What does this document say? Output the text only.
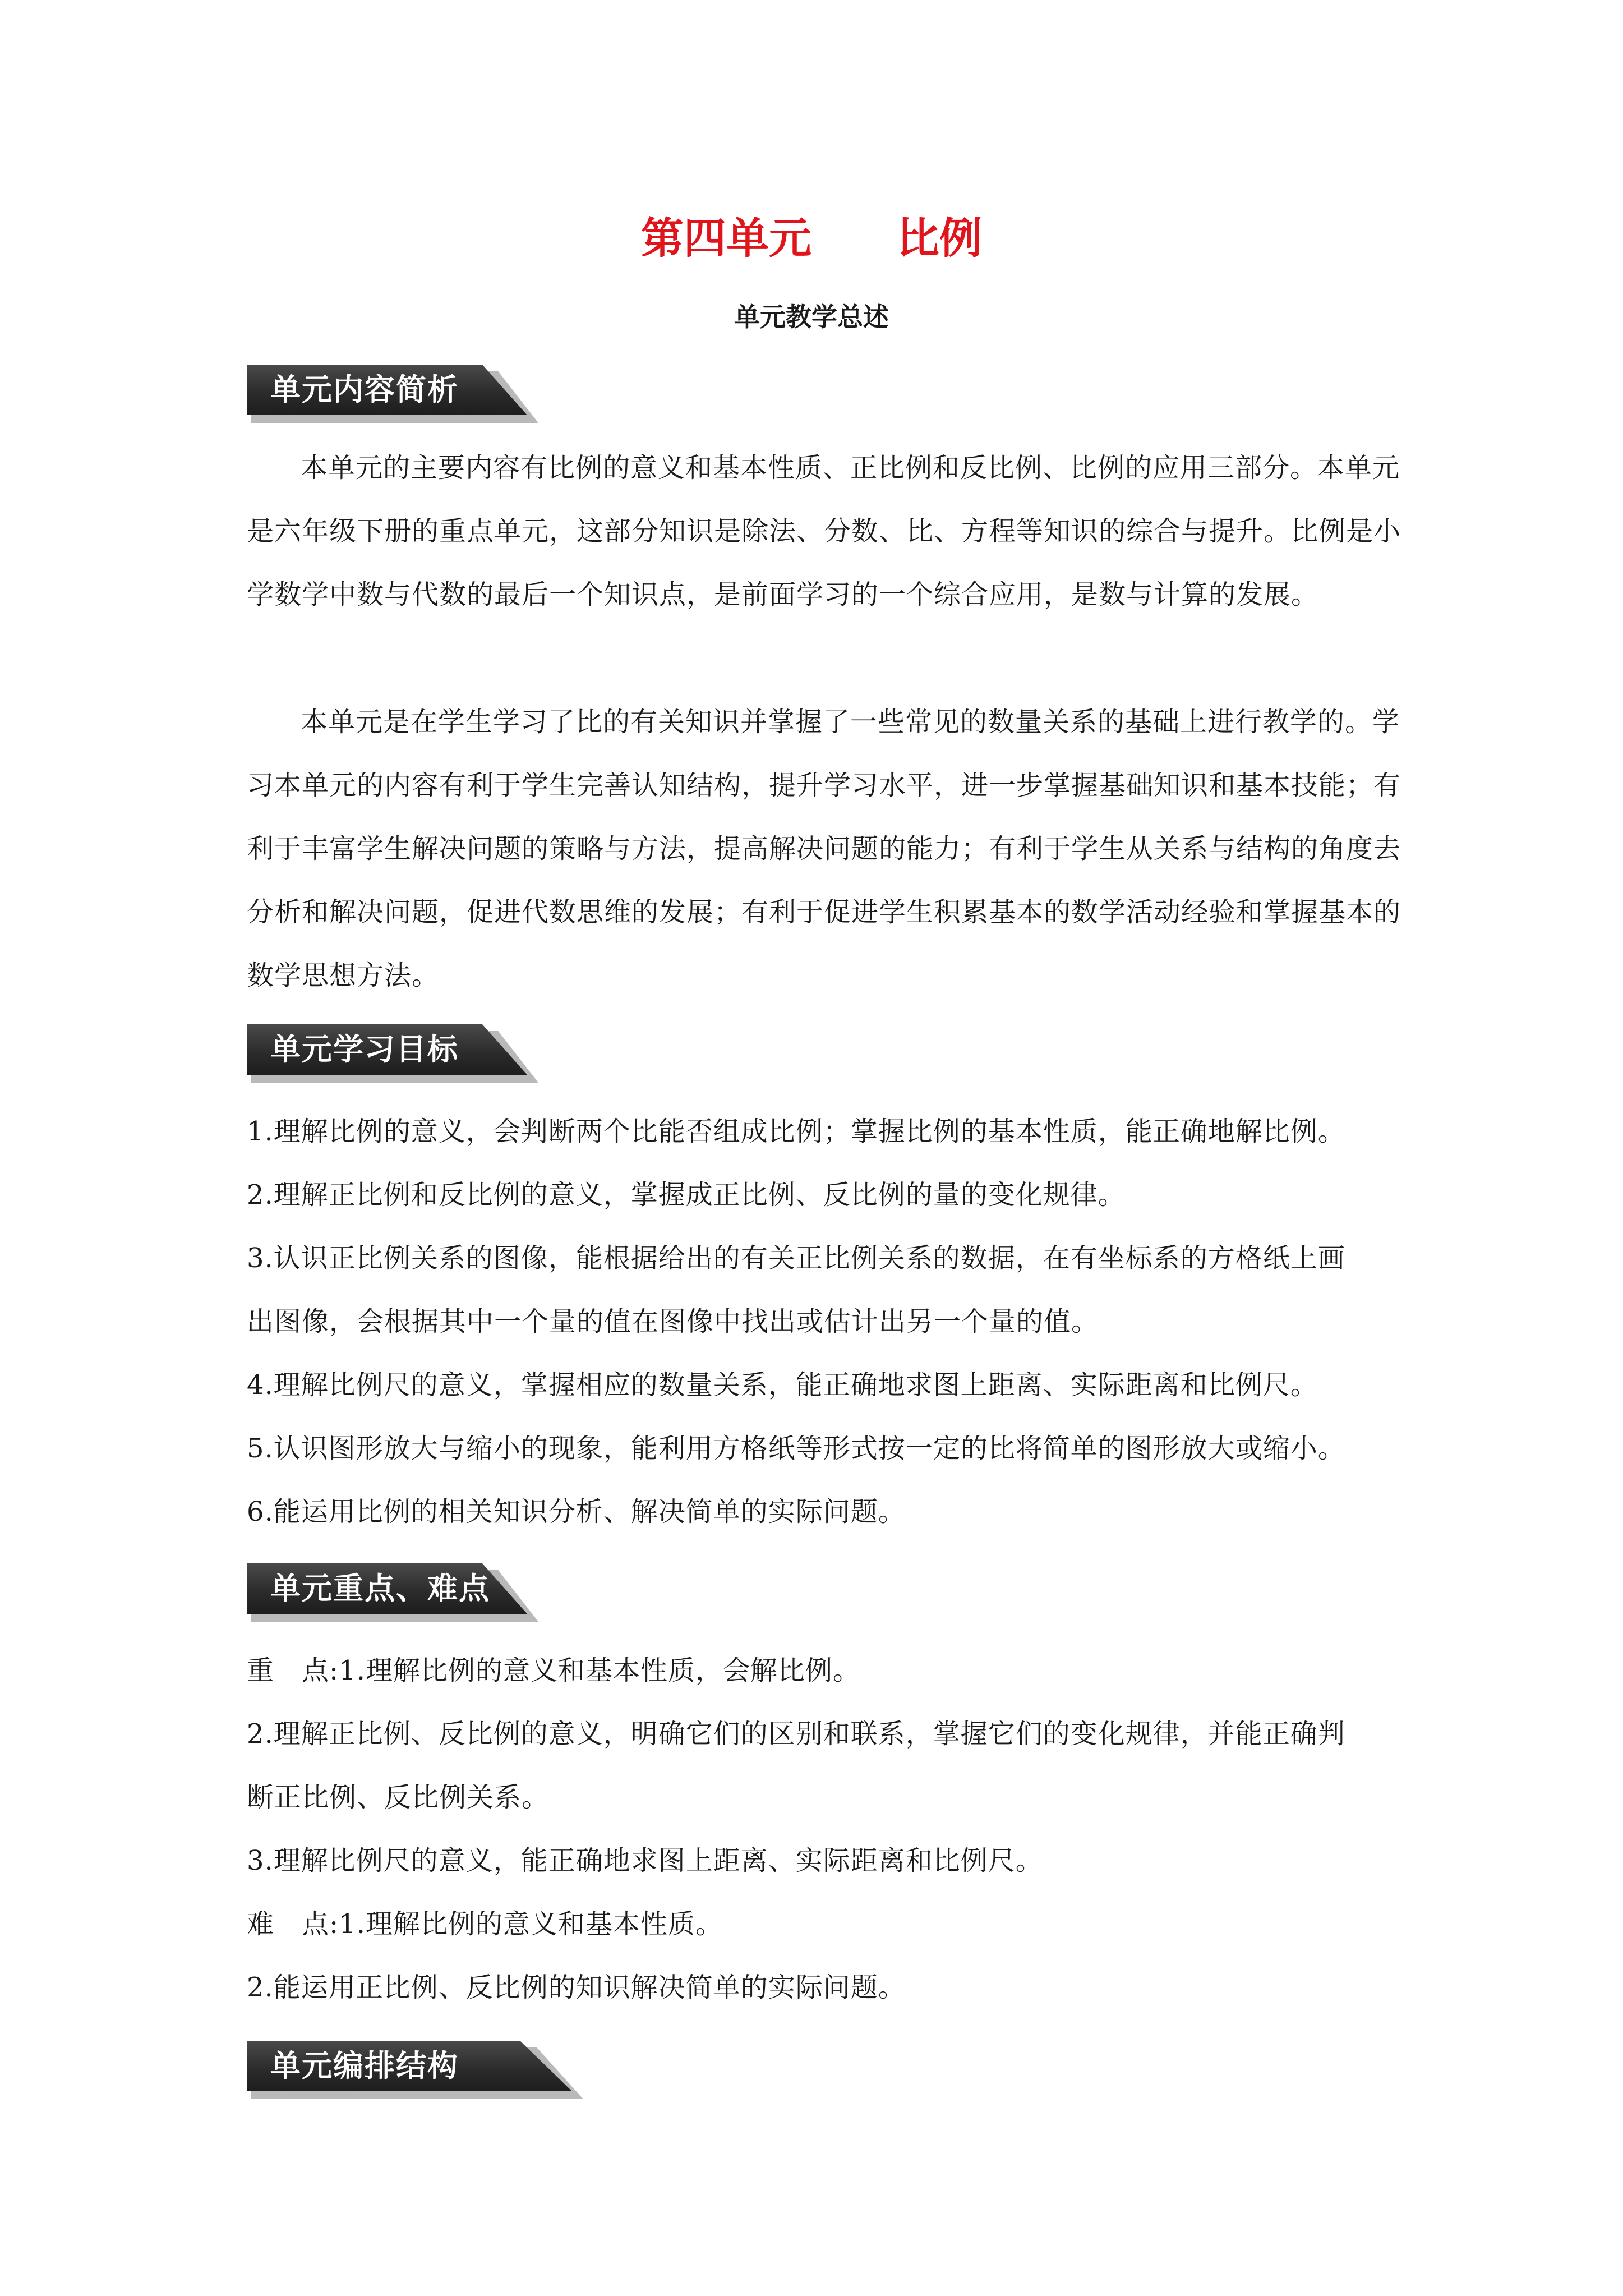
第四单元　　比例
单元教学总述
单元内容简析

本单元的主要内容有比例的意义和基本性质、正比例和反比例、比例的应用三部分。本单元是六年级下册的重点单元，这部分知识是除法、分数、比、方程等知识的综合与提升。比例是小学数学中数与代数的最后一个知识点，是前面学习的一个综合应用，是数与计算的发展。

本单元是在学生学习了比的有关知识并掌握了一些常见的数量关系的基础上进行教学的。学习本单元的内容有利于学生完善认知结构，提升学习水平，进一步掌握基础知识和基本技能；有利于丰富学生解决问题的策略与方法，提高解决问题的能力；有利于学生从关系与结构的角度去分析和解决问题，促进代数思维的发展；有利于促进学生积累基本的数学活动经验和掌握基本的数学思想方法。

单元学习目标

1.理解比例的意义，会判断两个比能否组成比例；掌握比例的基本性质，能正确地解比例。

2.理解正比例和反比例的意义，掌握成正比例、反比例的量的变化规律。

3.认识正比例关系的图像，能根据给出的有关正比例关系的数据，在有坐标系的方格纸上画

出图像，会根据其中一个量的值在图像中找出或估计出另一个量的值。

4.理解比例尺的意义，掌握相应的数量关系，能正确地求图上距离、实际距离和比例尺。

5.认识图形放大与缩小的现象，能利用方格纸等形式按一定的比将简单的图形放大或缩小。

6.能运用比例的相关知识分析、解决简单的实际问题。

单元重点、难点

重　点:1.理解比例的意义和基本性质，会解比例。

2.理解正比例、反比例的意义，明确它们的区别和联系，掌握它们的变化规律，并能正确判

断正比例、反比例关系。

3.理解比例尺的意义，能正确地求图上距离、实际距离和比例尺。

难　点:1.理解比例的意义和基本性质。

2.能运用正比例、反比例的知识解决简单的实际问题。

单元编排结构
